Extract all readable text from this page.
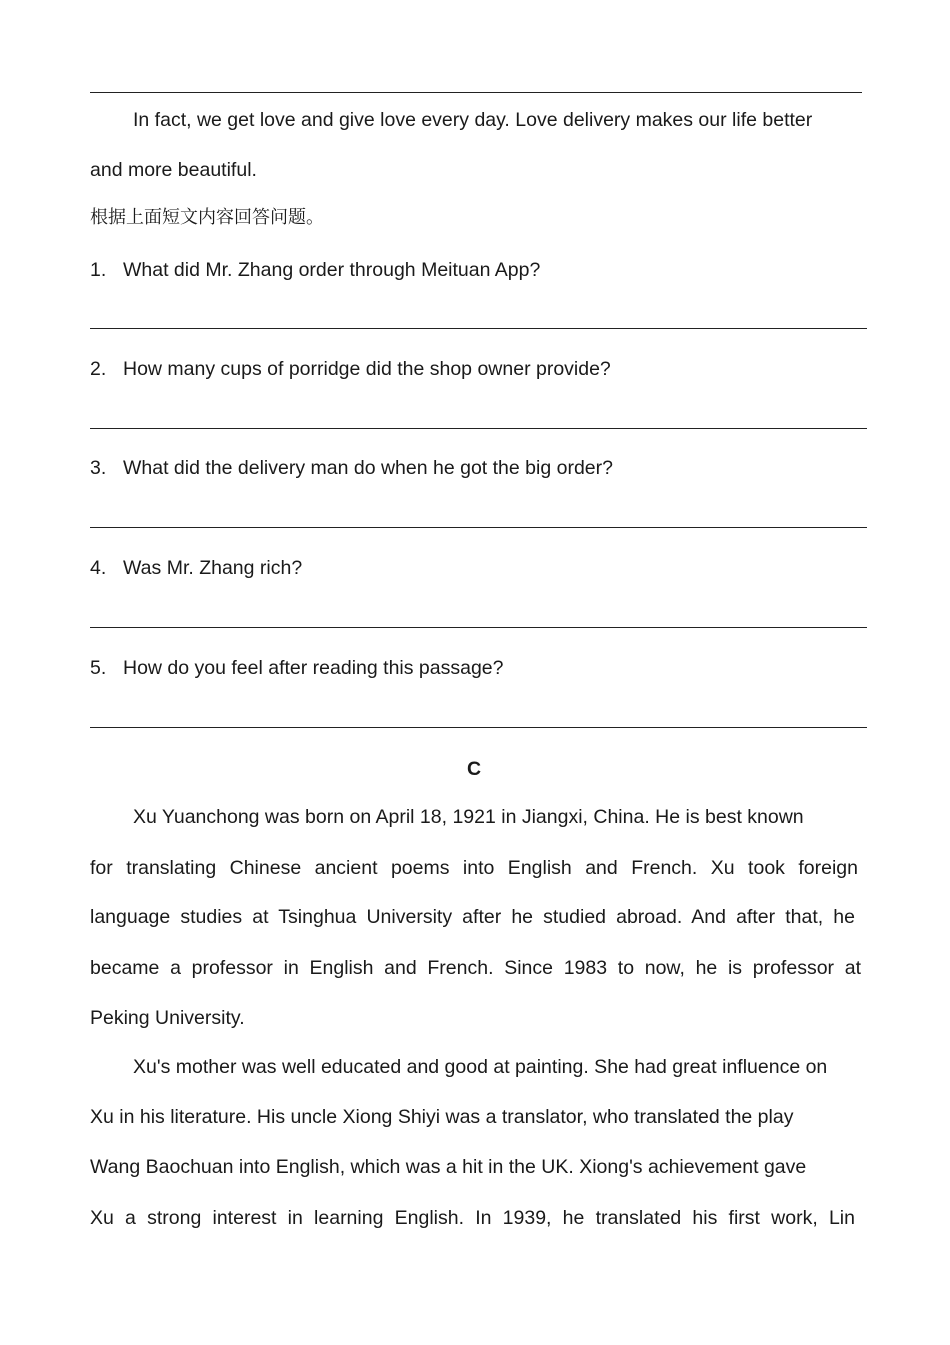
In fact, we get love and give love every day. Love delivery makes our life better
and more beautiful.
根据上面短文内容回答问题。
1. What did Mr. Zhang order through Meituan App?
2. How many cups of porridge did the shop owner provide?
3. What did the delivery man do when he got the big order?
4. Was Mr. Zhang rich?
5. How do you feel after reading this passage?
C
Xu Yuanchong was born on April 18, 1921 in Jiangxi, China. He is best known
for translating Chinese ancient poems into English and French. Xu took foreign
language studies at Tsinghua University after he studied abroad. And after that, he
became a professor in English and French. Since 1983 to now, he is professor at
Peking University.
Xu's mother was well educated and good at painting. She had great influence on
Xu in his literature. His uncle Xiong Shiyi was a translator, who translated the play
Wang Baochuan into English, which was a hit in the UK. Xiong's achievement gave
Xu a strong interest in learning English. In 1939, he translated his first work, Lin
